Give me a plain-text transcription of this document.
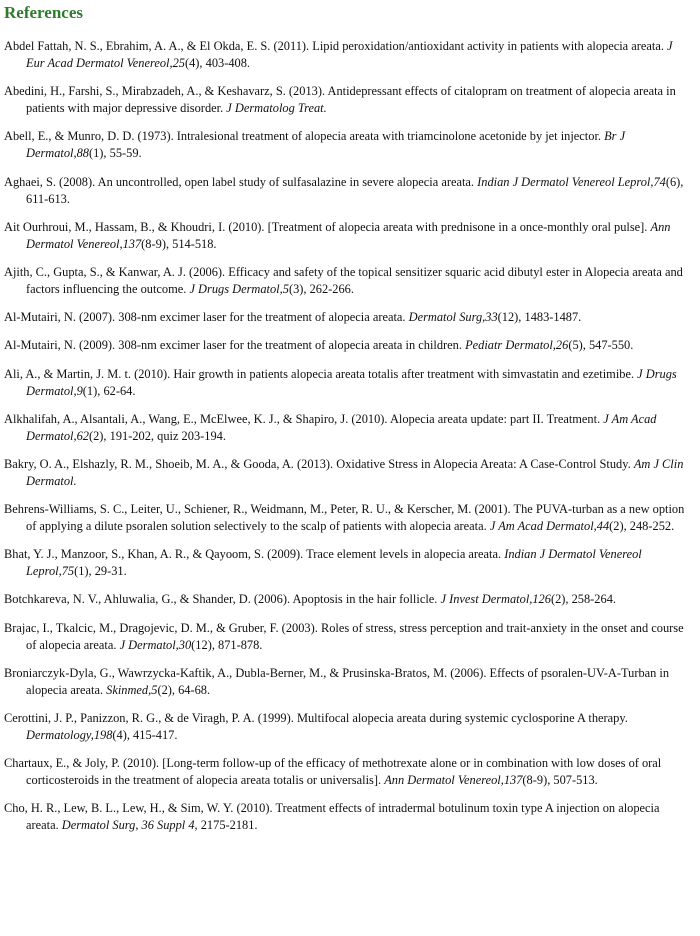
References
Abdel Fattah, N. S., Ebrahim, A. A., & El Okda, E. S. (2011). Lipid peroxidation/antioxidant activity in patients with alopecia areata. J Eur Acad Dermatol Venereol,25(4), 403-408.
Abedini, H., Farshi, S., Mirabzadeh, A., & Keshavarz, S. (2013). Antidepressant effects of citalopram on treatment of alopecia areata in patients with major depressive disorder. J Dermatolog Treat.
Abell, E., & Munro, D. D. (1973). Intralesional treatment of alopecia areata with triamcinolone acetonide by jet injector. Br J Dermatol,88(1), 55-59.
Aghaei, S. (2008). An uncontrolled, open label study of sulfasalazine in severe alopecia areata. Indian J Dermatol Venereol Leprol,74(6), 611-613.
Ait Ourhroui, M., Hassam, B., & Khoudri, I. (2010). [Treatment of alopecia areata with prednisone in a once-monthly oral pulse]. Ann Dermatol Venereol,137(8-9), 514-518.
Ajith, C., Gupta, S., & Kanwar, A. J. (2006). Efficacy and safety of the topical sensitizer squaric acid dibutyl ester in Alopecia areata and factors influencing the outcome. J Drugs Dermatol,5(3), 262-266.
Al-Mutairi, N. (2007). 308-nm excimer laser for the treatment of alopecia areata. Dermatol Surg,33(12), 1483-1487.
Al-Mutairi, N. (2009). 308-nm excimer laser for the treatment of alopecia areata in children. Pediatr Dermatol,26(5), 547-550.
Ali, A., & Martin, J. M. t. (2010). Hair growth in patients alopecia areata totalis after treatment with simvastatin and ezetimibe. J Drugs Dermatol,9(1), 62-64.
Alkhalifah, A., Alsantali, A., Wang, E., McElwee, K. J., & Shapiro, J. (2010). Alopecia areata update: part II. Treatment. J Am Acad Dermatol,62(2), 191-202, quiz 203-194.
Bakry, O. A., Elshazly, R. M., Shoeib, M. A., & Gooda, A. (2013). Oxidative Stress in Alopecia Areata: A Case-Control Study. Am J Clin Dermatol.
Behrens-Williams, S. C., Leiter, U., Schiener, R., Weidmann, M., Peter, R. U., & Kerscher, M. (2001). The PUVA-turban as a new option of applying a dilute psoralen solution selectively to the scalp of patients with alopecia areata. J Am Acad Dermatol,44(2), 248-252.
Bhat, Y. J., Manzoor, S., Khan, A. R., & Qayoom, S. (2009). Trace element levels in alopecia areata. Indian J Dermatol Venereol Leprol,75(1), 29-31.
Botchkareva, N. V., Ahluwalia, G., & Shander, D. (2006). Apoptosis in the hair follicle. J Invest Dermatol,126(2), 258-264.
Brajac, I., Tkalcic, M., Dragojevic, D. M., & Gruber, F. (2003). Roles of stress, stress perception and trait-anxiety in the onset and course of alopecia areata. J Dermatol,30(12), 871-878.
Broniarczyk-Dyla, G., Wawrzycka-Kaftik, A., Dubla-Berner, M., & Prusinska-Bratos, M. (2006). Effects of psoralen-UV-A-Turban in alopecia areata. Skinmed,5(2), 64-68.
Cerottini, J. P., Panizzon, R. G., & de Viragh, P. A. (1999). Multifocal alopecia areata during systemic cyclosporine A therapy. Dermatology,198(4), 415-417.
Chartaux, E., & Joly, P. (2010). [Long-term follow-up of the efficacy of methotrexate alone or in combination with low doses of oral corticosteroids in the treatment of alopecia areata totalis or universalis]. Ann Dermatol Venereol,137(8-9), 507-513.
Cho, H. R., Lew, B. L., Lew, H., & Sim, W. Y. (2010). Treatment effects of intradermal botulinum toxin type A injection on alopecia areata. Dermatol Surg, 36 Suppl 4, 2175-2181.
